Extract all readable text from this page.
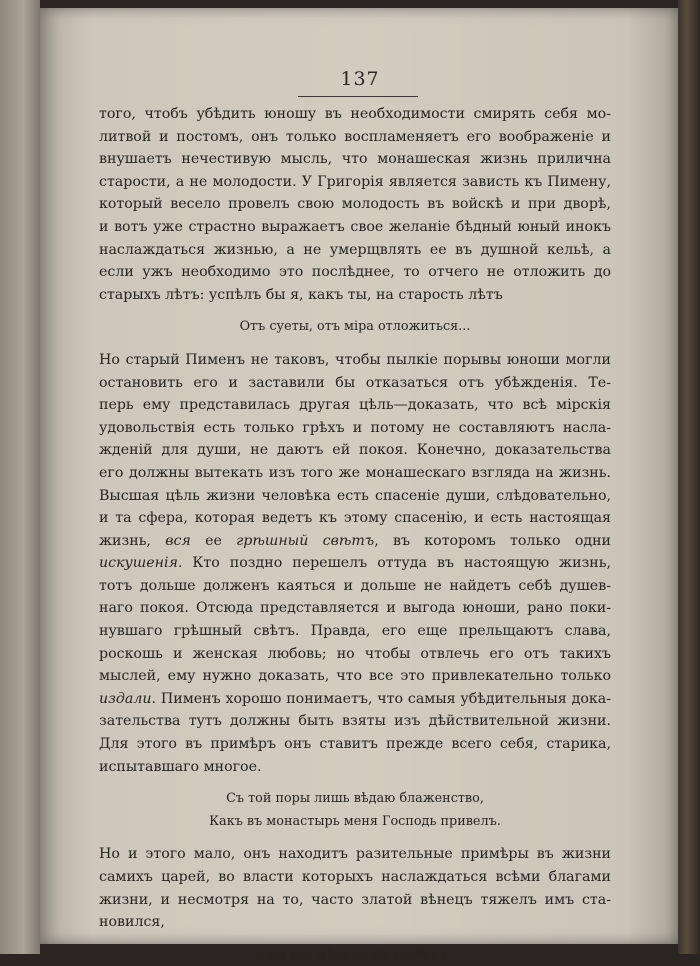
137
того, чтобъ убѣдить юношу въ необходимости смирять себя мо-
литвой и постомъ, онъ только воспламеняетъ его воображеніе и
внушаетъ нечестивую мысль, что монашеская жизнь прилична
старости, а не молодости. У Григорія является зависть къ Пимену,
который весело провелъ свою молодость въ войскѣ и при дворѣ,
и вотъ уже страстно выражаетъ свое желаніе бѣдный юный инокъ
наслаждаться жизнью, а не умерщвлять ее въ душной кельѣ, а
если ужъ необходимо это послѣднее, то отчего не отложить до
старыхъ лѣтъ: успѣлъ бы я, какъ ты, на старость лѣтъ
Отъ суеты, отъ міра отложиться...
Но старый Пименъ не таковъ, чтобы пылкіе порывы юноши могли
остановить его и заставили бы отказаться отъ убѣжденія. Те-
перь ему представилась другая цѣль—доказать, что всѣ мірскія
удовольствія есть только грѣхъ и потому не составляютъ насла-
жденій для души, не даютъ ей покоя. Конечно, доказательства
его должны вытекать изъ того же монашескаго взгляда на жизнь.
Высшая цѣль жизни человѣка есть спасеніе души, слѣдовательно,
и та сфера, которая ведетъ къ этому спасенію, и есть настоящая
жизнь, вся ее грѣшный свѣтъ, въ которомъ только одни
искушенія. Кто поздно перешелъ оттуда въ настоящую жизнь,
тотъ дольше долженъ каяться и дольше не найдетъ себѣ душев-
наго покоя. Отсюда представляется и выгода юноши, рано поки-
нувшаго грѣшный свѣтъ. Правда, его еще прельщаютъ слава,
роскошь и женская любовь; но чтобы отвлечь его отъ такихъ
мыслей, ему нужно доказать, что все это привлекательно только
издали. Пименъ хорошо понимаетъ, что самыя убѣдительныя дока-
зательства тутъ должны быть взяты изъ дѣйствительной жизни.
Для этого въ примѣръ онъ ставитъ прежде всего себя, старика,
испытавшаго многое.
Съ той поры лишь вѣдаю блаженство,
Какъ въ монастырь меня Господь привелъ.
Но и этого мало, онъ находитъ разительные примѣры въ жизни
самихъ царей, во власти которыхъ наслаждаться всѣми благами
жизни, и несмотря на то, часто златой вѣнецъ тяжелъ имъ ста-
новился,
Они его мѣняли на клобукъ.
